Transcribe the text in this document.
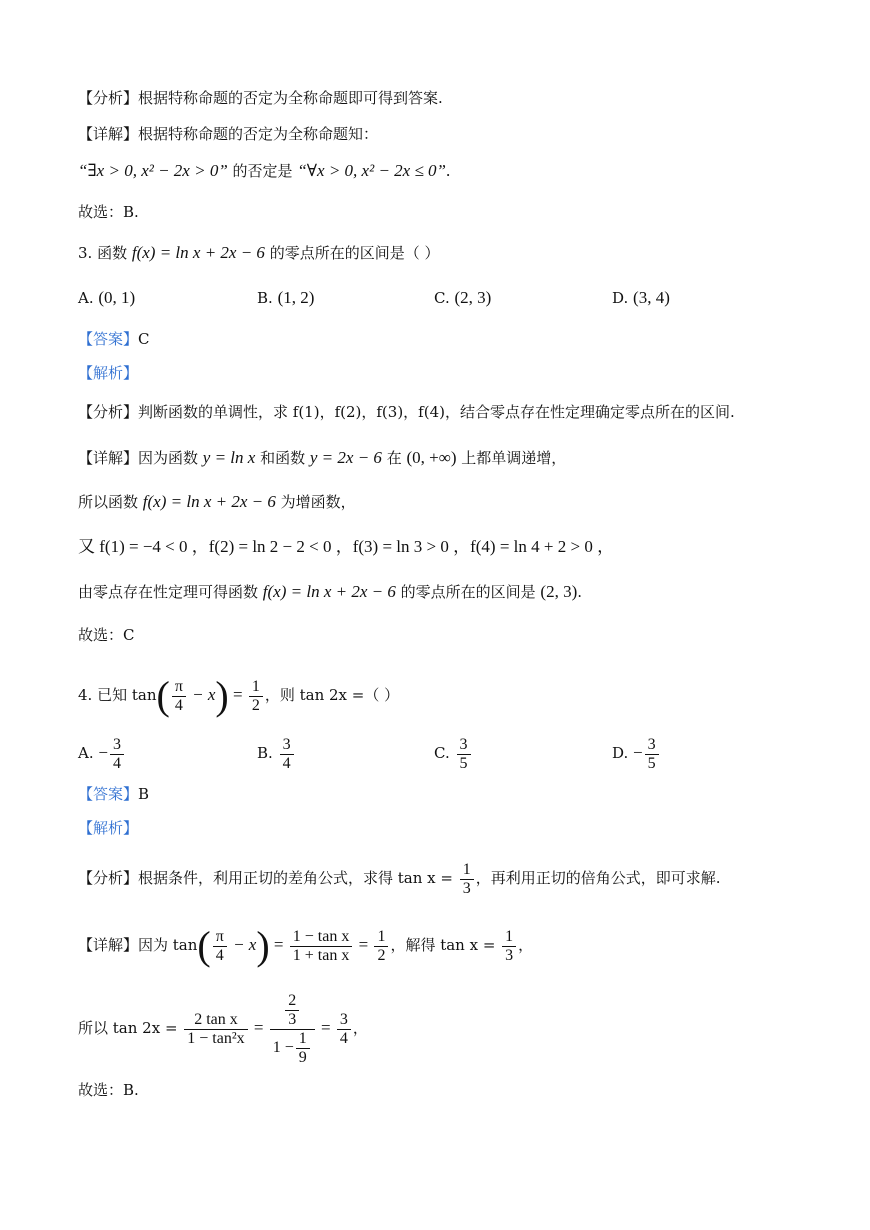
【分析】根据特称命题的否定为全称命题即可得到答案.
【详解】根据特称命题的否定为全称命题知：
“∃x > 0, x² − 2x > 0” 的否定是 “∀x > 0, x² − 2x ≤ 0”.
故选：B.
3. 函数 f(x) = ln x + 2x − 6 的零点所在的区间是（ ）
A. (0, 1)	B. (1, 2)	C. (2, 3)	D. (3, 4)
【答案】C
【解析】
【分析】判断函数的单调性，求 f(1)，f(2)，f(3)，f(4)，结合零点存在性定理确定零点所在的区间.
【详解】因为函数 y = ln x 和函数 y = 2x − 6 在 (0, +∞) 上都单调递增，
所以函数 f(x) = ln x + 2x − 6 为增函数，
又 f(1) = −4 < 0 ，f(2) = ln 2 − 2 < 0 ，f(3) = ln 3 > 0 ，f(4) = ln 4 + 2 > 0 ，
由零点存在性定理可得函数 f(x) = ln x + 2x − 6 的零点所在的区间是 (2, 3).
故选：C
4. 已知 $\tan( \frac{\pi}{4} - x) = \frac{1}{2}$ ，则 tan 2x =（ ）
A. − $\frac{3}{4}$	B. $\frac{3}{4}$	C. $\frac{3}{5}$	D. − $\frac{3}{5}$
【答案】B
【解析】
【分析】根据条件，利用正切的差角公式，求得 $\tan x = \frac{1}{3}$ ，再利用正切的倍角公式，即可求解.
【详解】因为 $\tan( \frac{\pi}{4} - x) = \frac{\text{1 − tan x}}{\text{1 + tan x}} = \frac{1}{2}$ ，解得 $\tan x = \frac{1}{3}$ ，
所以 $\tan 2x = \frac{\text{2 tan x}}{\text{1 − tan²x}} = \frac{\frac{2}{3}}{1 - \frac{1}{9}} = \frac{3}{4}$ ，
故选：B.
